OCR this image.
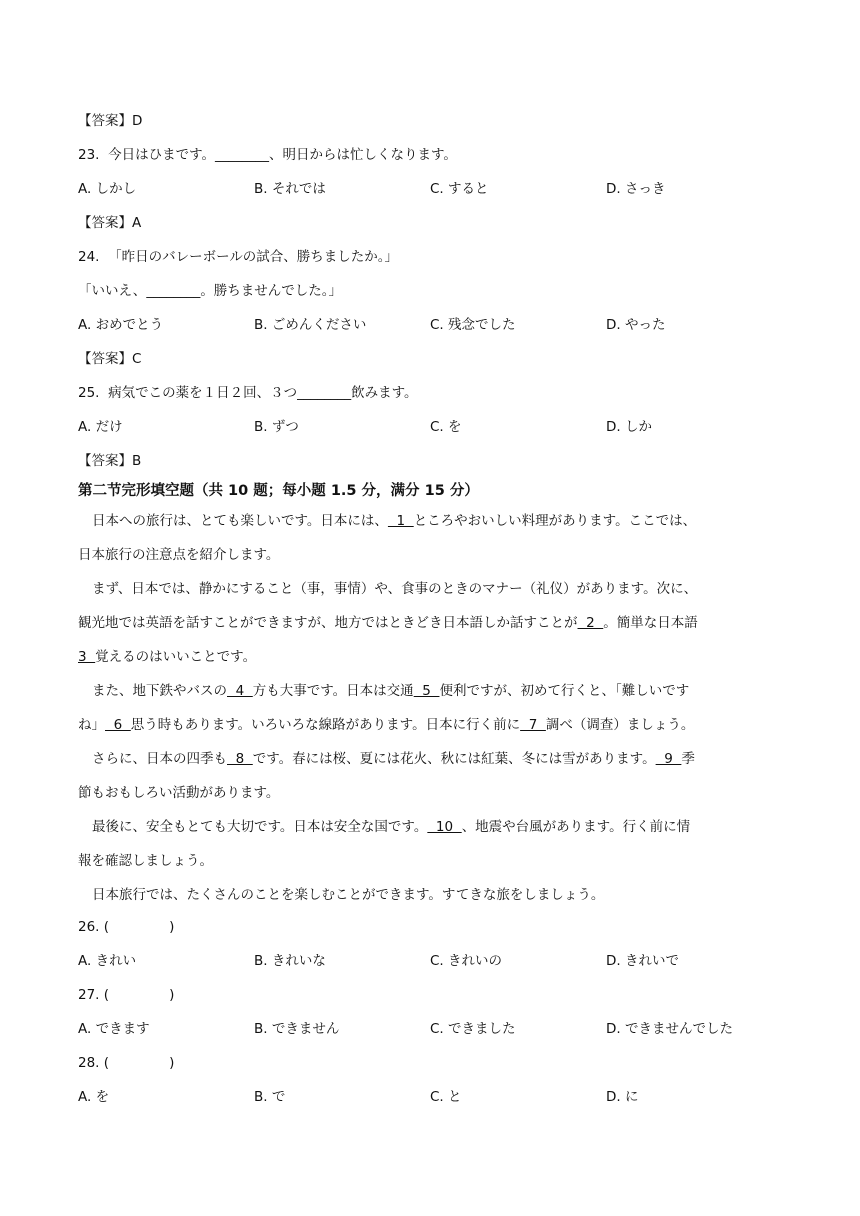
【答案】D
23. 今日はひまです。________、明日からは忙しくなります。
A. しかし	B. それでは	C. すると	D. さっき
【答案】A
24. 「昨日のバレーボールの試合、勝ちましたか。」
「いいえ、________。勝ちませんでした。」
A. おめでとう	B. ごめんください	C. 残念でした	D. やった
【答案】C
25. 病気でこの薬を１日２回、３つ________飲みます。
A. だけ	B. ずつ	C. を	D. しか
【答案】B
第二节完形填空题（共 10 题；每小题 1.5 分，满分 15 分）
日本への旅行は、とても楽しいです。日本には、  1  ところやおいしい料理があります。ここでは、
日本旅行の注意点を紹介します。
まず、日本では、静かにすること（事，事情）や、食事のときのマナー（礼仪）があります。次に、
観光地では英語を話すことができますが、地方ではときどき日本語しか話すことが  2  。簡単な日本語
3  覚えるのはいいことです。
また、地下鉄やバスの  4  方も大事です。日本は交通  5  便利ですが、初めて行くと、「難しいです
ね」  6  思う時もあります。いろいろな線路があります。日本に行く前に  7  調べ（调查）ましょう。
さらに、日本の四季も  8  です。春には桜、夏には花火、秋には紅葉、冬には雪があります。  9  季
節もおもしろい活動があります。
最後に、安全もとても大切です。日本は安全な国です。  10  、地震や台風があります。行く前に情
報を確認しましょう。
日本旅行では、たくさんのことを楽しむことができます。すてきな旅をしましょう。
26. (              )
A. きれい	B. きれいな	C. きれいの	D. きれいで
27. (              )
A. できます	B. できません	C. できました	D. できませんでした
28. (              )
A. を	B. で	C. と	D. に
